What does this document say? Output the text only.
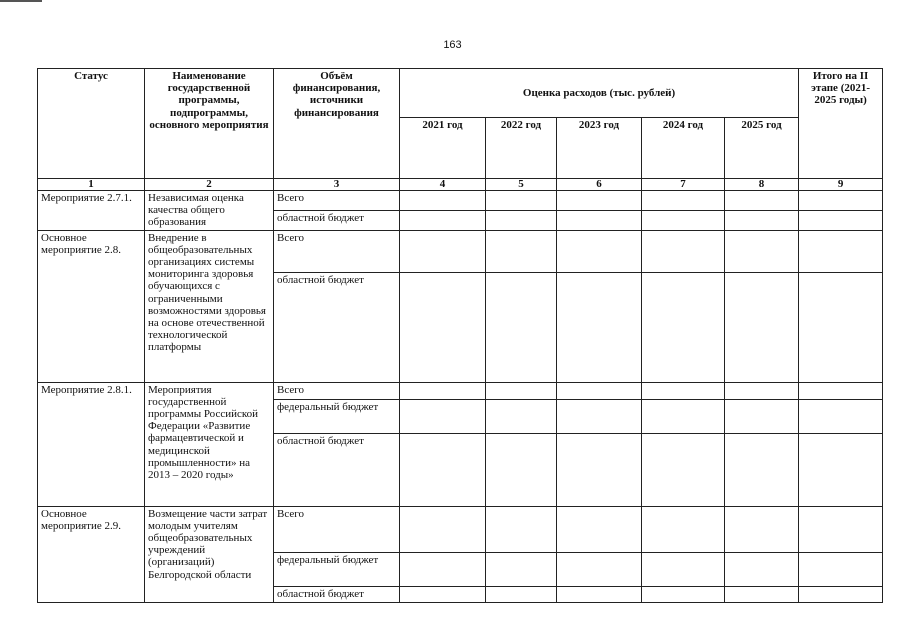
163
Статус	Наименование государственной программы, подпрограммы, основного мероприятия	Объём финансирования, источники финансирования	Оценка расходов (тыс. рублей)					Итого на II этапе (2021-2025 годы)
			2021 год	2022 год	2023 год	2024 год	2025 год	
1	2	3	4	5	6	7	8	9
Мероприятие 2.7.1.	Независимая оценка качества общего образования	Всего						
		областной бюджет						
Основное мероприятие 2.8.	Внедрение в общеобразовательных организациях системы мониторинга здоровья обучающихся с ограниченными возможностями здоровья на основе отечественной технологической платформы	Всего						
		областной бюджет						
Мероприятие 2.8.1.	Мероприятия государственной программы Российской Федерации «Развитие фармацевтической и медицинской промышленности» на 2013 – 2020 годы»	Всего						
		федеральный бюджет						
		областной бюджет						
Основное мероприятие 2.9.	Возмещение части затрат молодым учителям общеобразовательных учреждений (организаций) Белгородской области	Всего						
		федеральный бюджет						
		областной бюджет						
